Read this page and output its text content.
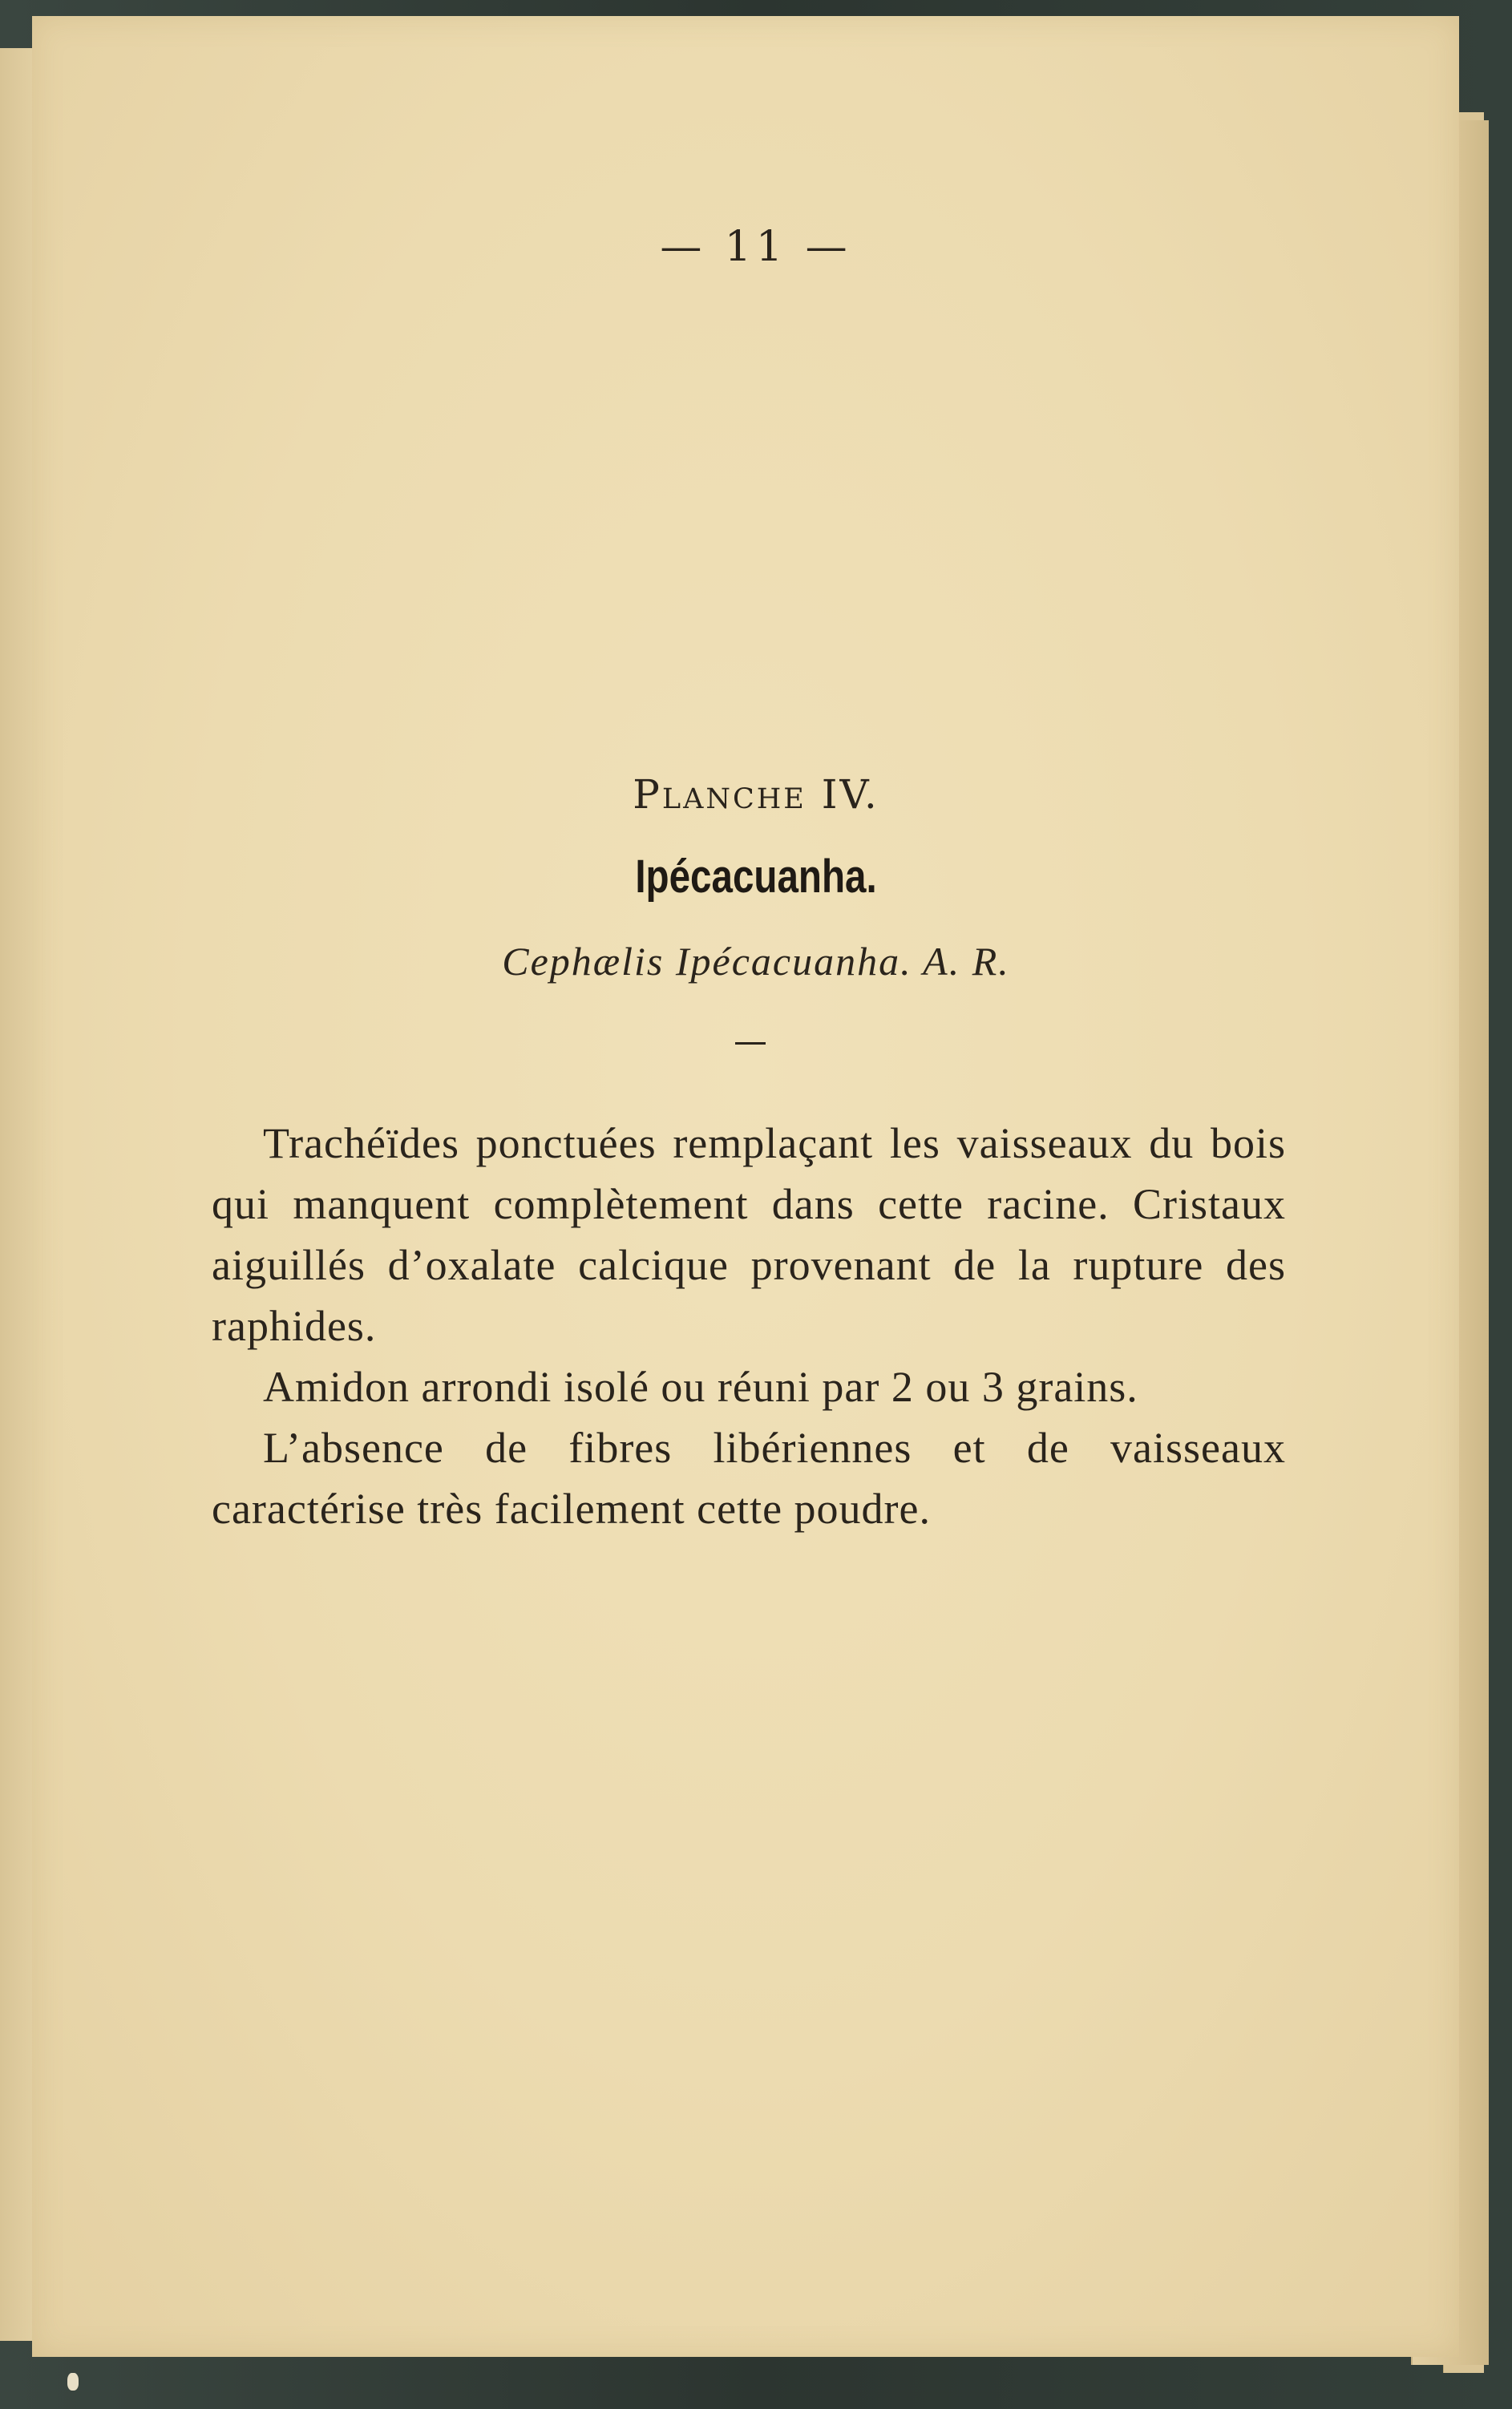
— 11 —
Planche IV.
Ipécacuanha.
Cephælis Ipécacuanha. A. R.

Trachéïdes ponctuées remplaçant les vaisseaux du bois qui manquent complètement dans cette racine. Cristaux aiguillés d’oxalate calcique provenant de la rupture des raphides.

Amidon arrondi isolé ou réuni par 2 ou 3 grains.

L’absence de fibres libériennes et de vaisseaux caractérise très facilement cette poudre.
